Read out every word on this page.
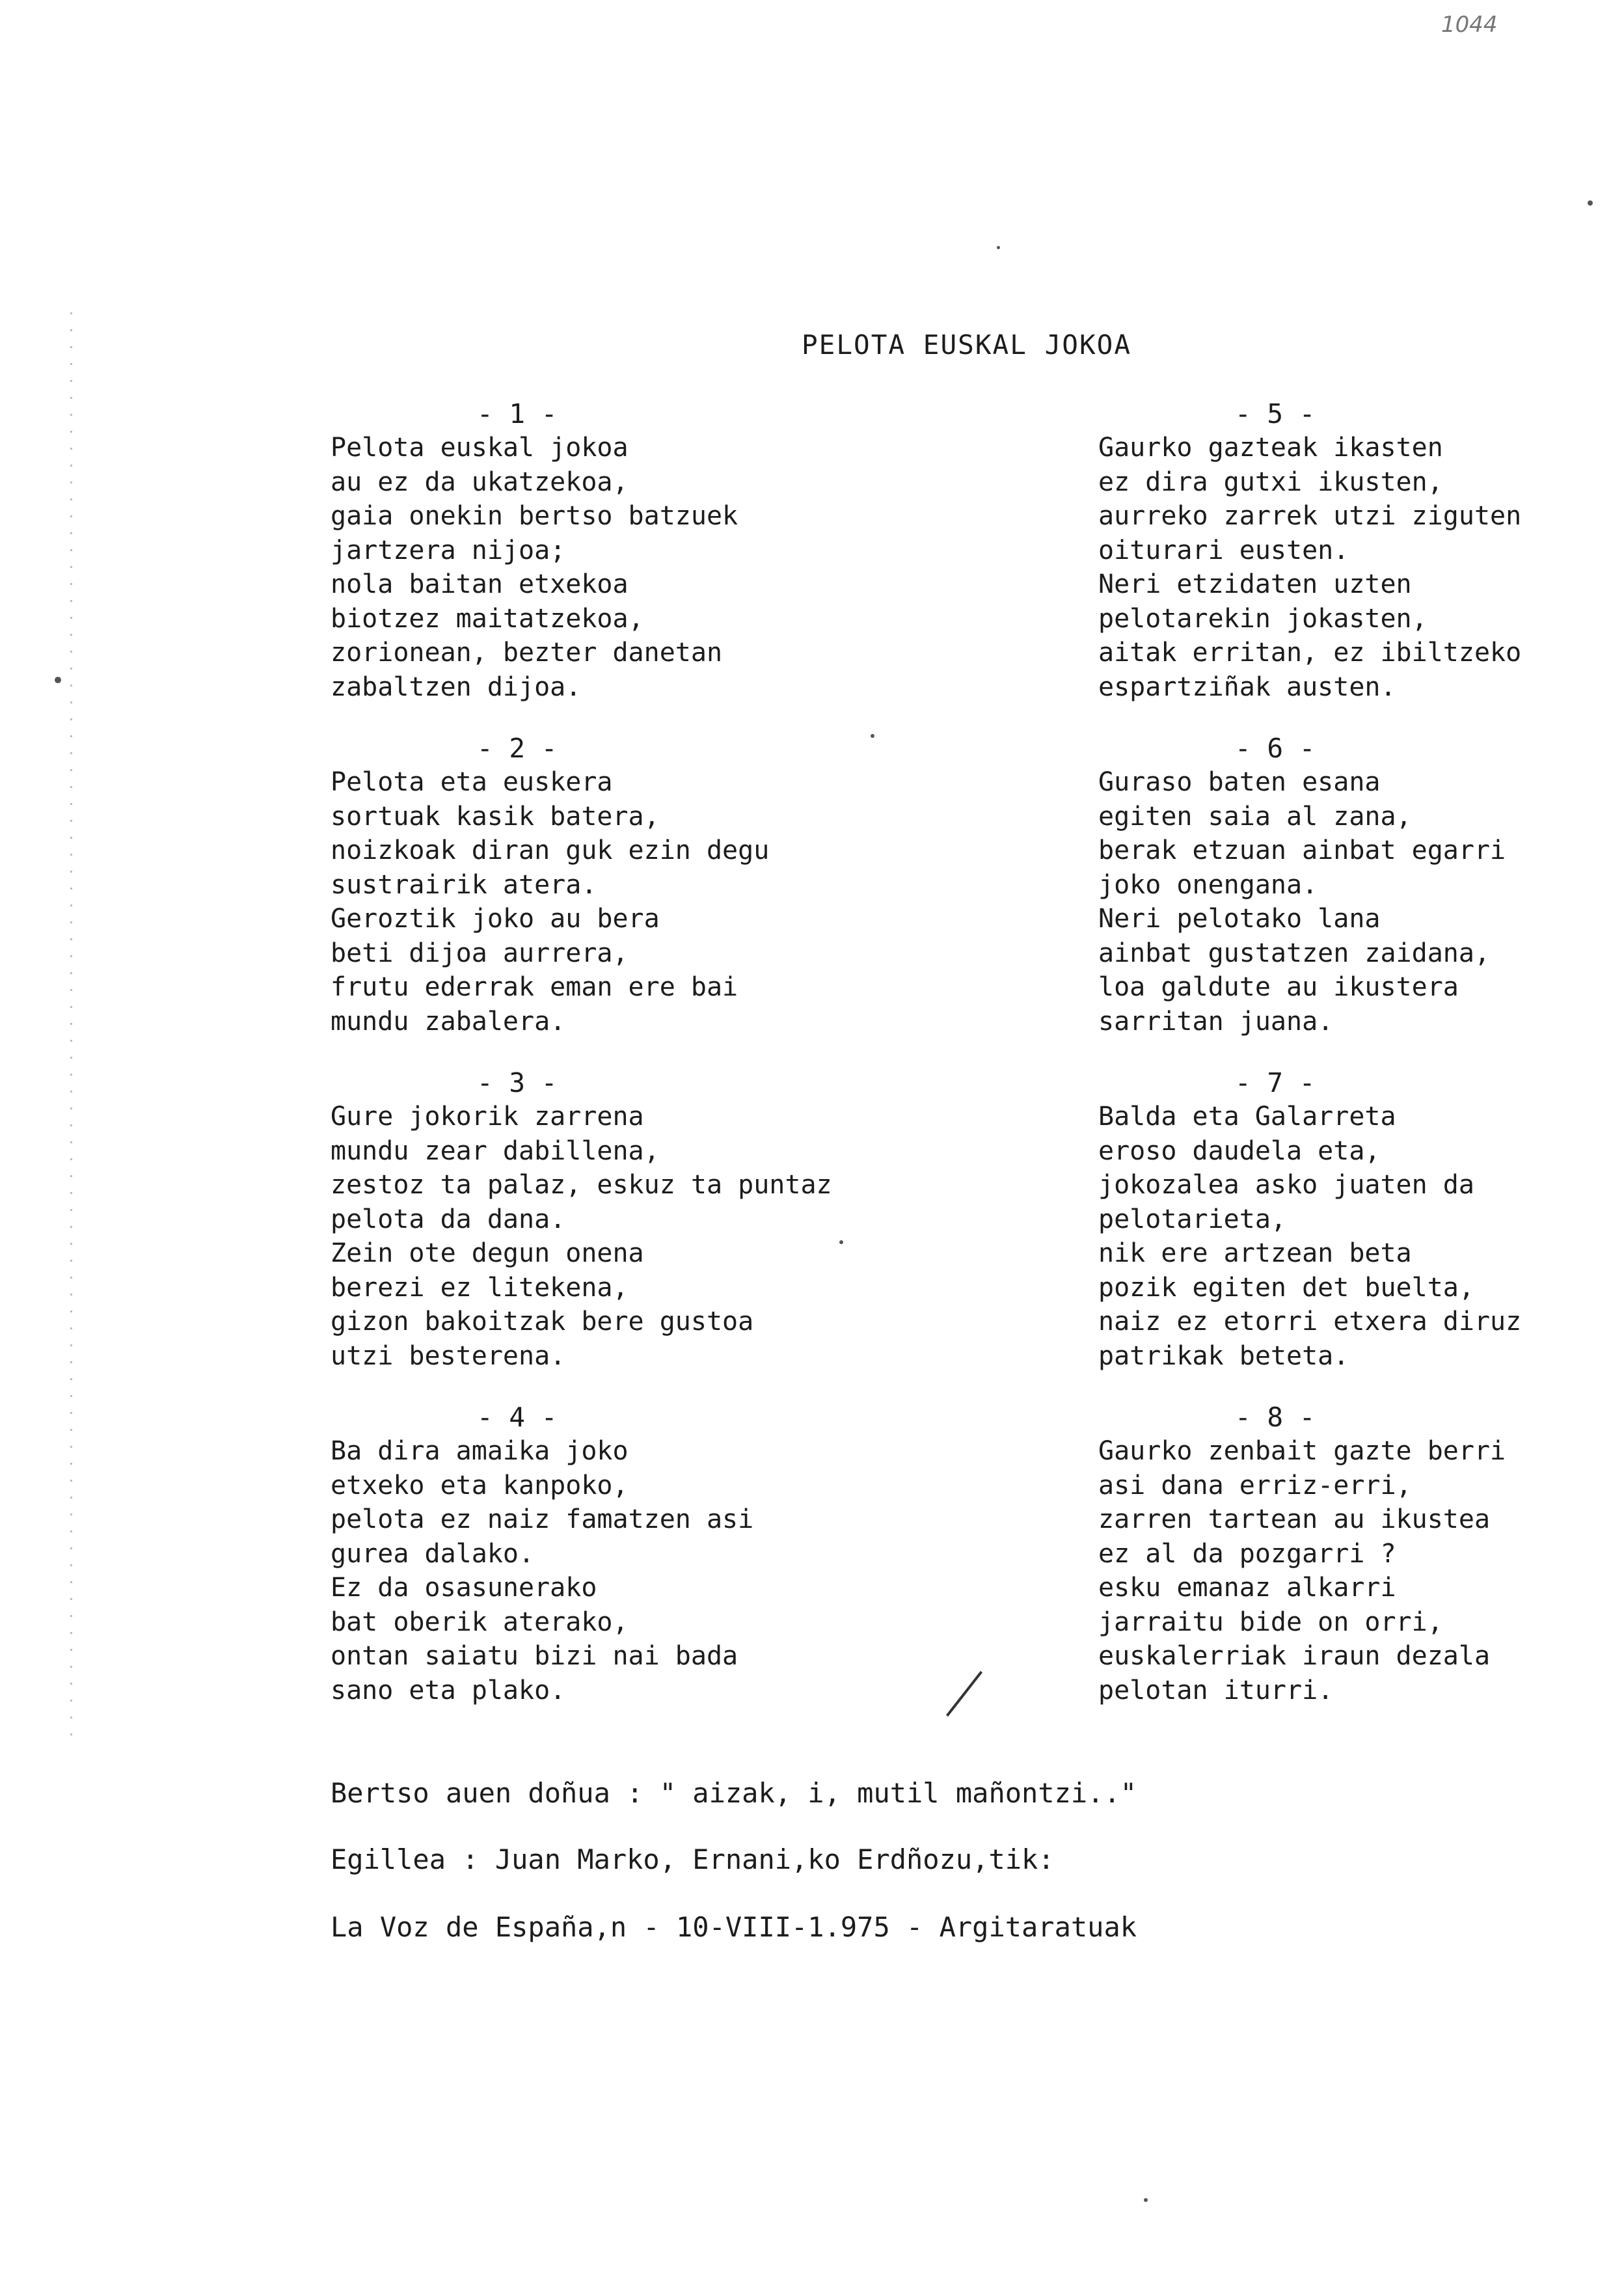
1044
PELOTA EUSKAL JOKOA
- 1 -
Pelota euskal jokoa
au ez da ukatzekoa,
gaia onekin bertso batzuek
jartzera nijoa;
nola baitan etxekoa
biotzez maitatzekoa,
zorionean, bezter danetan
zabaltzen dijoa.
- 2 -
Pelota eta euskera
sortuak kasik batera,
noizkoak diran guk ezin degu
sustrairik atera.
Geroztik joko au bera
beti dijoa aurrera,
frutu ederrak eman ere bai
mundu zabalera.
- 3 -
Gure jokorik zarrena
mundu zear dabillena,
zestoz ta palaz, eskuz ta puntaz
pelota da dana.
Zein ote degun onena
berezi ez litekena,
gizon bakoitzak bere gustoa
utzi besterena.
- 4 -
Ba dira amaika joko
etxeko eta kanpoko,
pelota ez naiz famatzen asi
gurea dalako.
Ez da osasunerako
bat oberik aterako,
ontan saiatu bizi nai bada
sano eta plako.
- 5 -
Gaurko gazteak ikasten
ez dira gutxi ikusten,
aurreko zarrek utzi ziguten
oiturari eusten.
Neri etzidaten uzten
pelotarekin jokasten,
aitak erritan, ez ibiltzeko
espartziñak austen.
- 6 -
Guraso baten esana
egiten saia al zana,
berak etzuan ainbat egarri
joko onengana.
Neri pelotako lana
ainbat gustatzen zaidana,
loa galdute au ikustera
sarritan juana.
- 7 -
Balda eta Galarreta
eroso daudela eta,
jokozalea asko juaten da
pelotarieta,
nik ere artzean beta
pozik egiten det buelta,
naiz ez etorri etxera diruz
patrikak beteta.
- 8 -
Gaurko zenbait gazte berri
asi dana erriz-erri,
zarren tartean au ikustea
ez al da pozgarri ?
esku emanaz alkarri
jarraitu bide on orri,
euskalerriak iraun dezala
pelotan iturri.
Bertso auen doñua : " aizak, i, mutil mañontzi.."
Egillea : Juan Marko, Ernani,ko Erdñozu,tik:
La Voz de España,n - 10-VIII-1.975 - Argitaratuak
